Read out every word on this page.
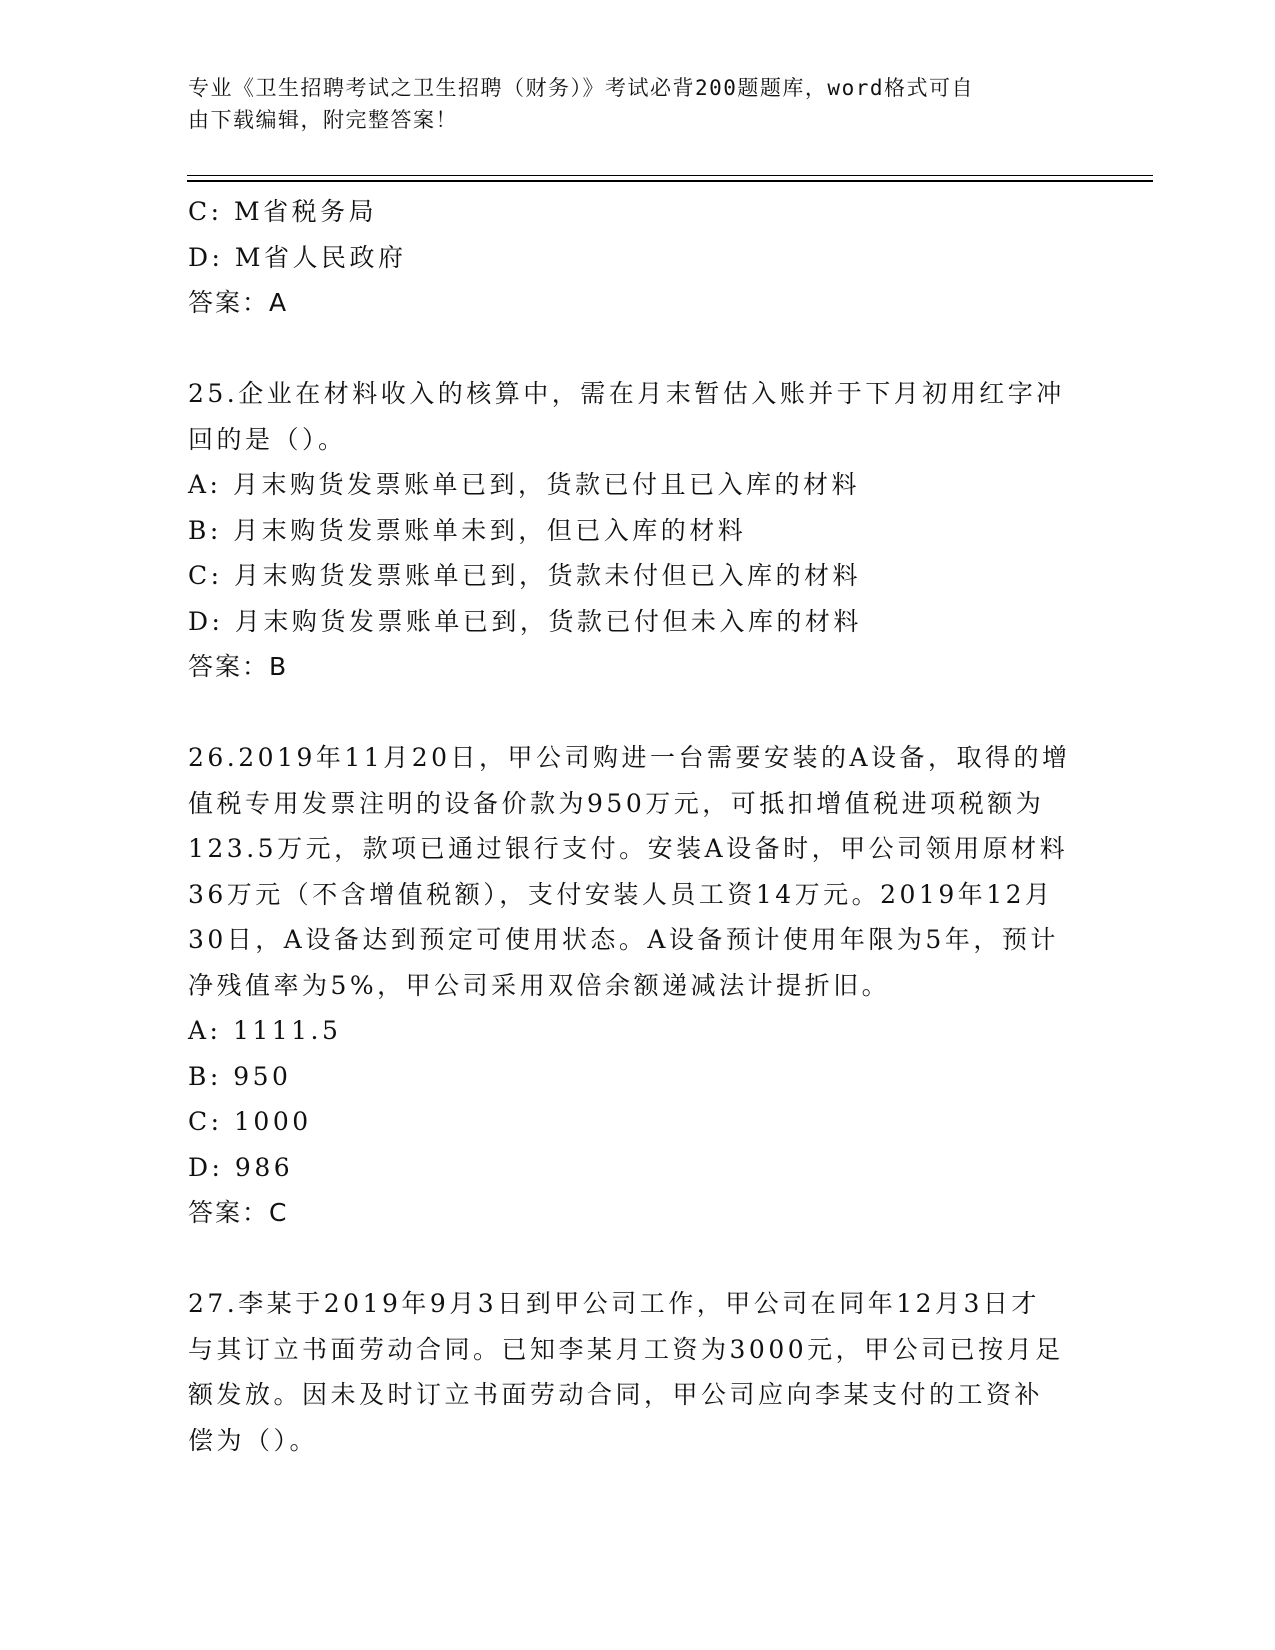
专业《卫生招聘考试之卫生招聘（财务）》考试必背200题题库，word格式可自
由下载编辑，附完整答案！
C: M省税务局
D: M省人民政府
答案：A
25.企业在材料收入的核算中，需在月末暂估入账并于下月初用红字冲
回的是（）。
A: 月末购货发票账单已到，货款已付且已入库的材料
B: 月末购货发票账单未到，但已入库的材料
C: 月末购货发票账单已到，货款未付但已入库的材料
D: 月末购货发票账单已到，货款已付但未入库的材料
答案：B
26.2019年11月20日，甲公司购进一台需要安装的A设备，取得的增
值税专用发票注明的设备价款为950万元，可抵扣增值税进项税额为
123.5万元，款项已通过银行支付。安装A设备时，甲公司领用原材料
36万元（不含增值税额），支付安装人员工资14万元。2019年12月
30日，A设备达到预定可使用状态。A设备预计使用年限为5年，预计
净残值率为5%，甲公司采用双倍余额递减法计提折旧。
A: 1111.5
B: 950
C: 1000
D: 986
答案：C
27.李某于2019年9月3日到甲公司工作，甲公司在同年12月3日才
与其订立书面劳动合同。已知李某月工资为3000元，甲公司已按月足
额发放。因未及时订立书面劳动合同，甲公司应向李某支付的工资补
偿为（）。
